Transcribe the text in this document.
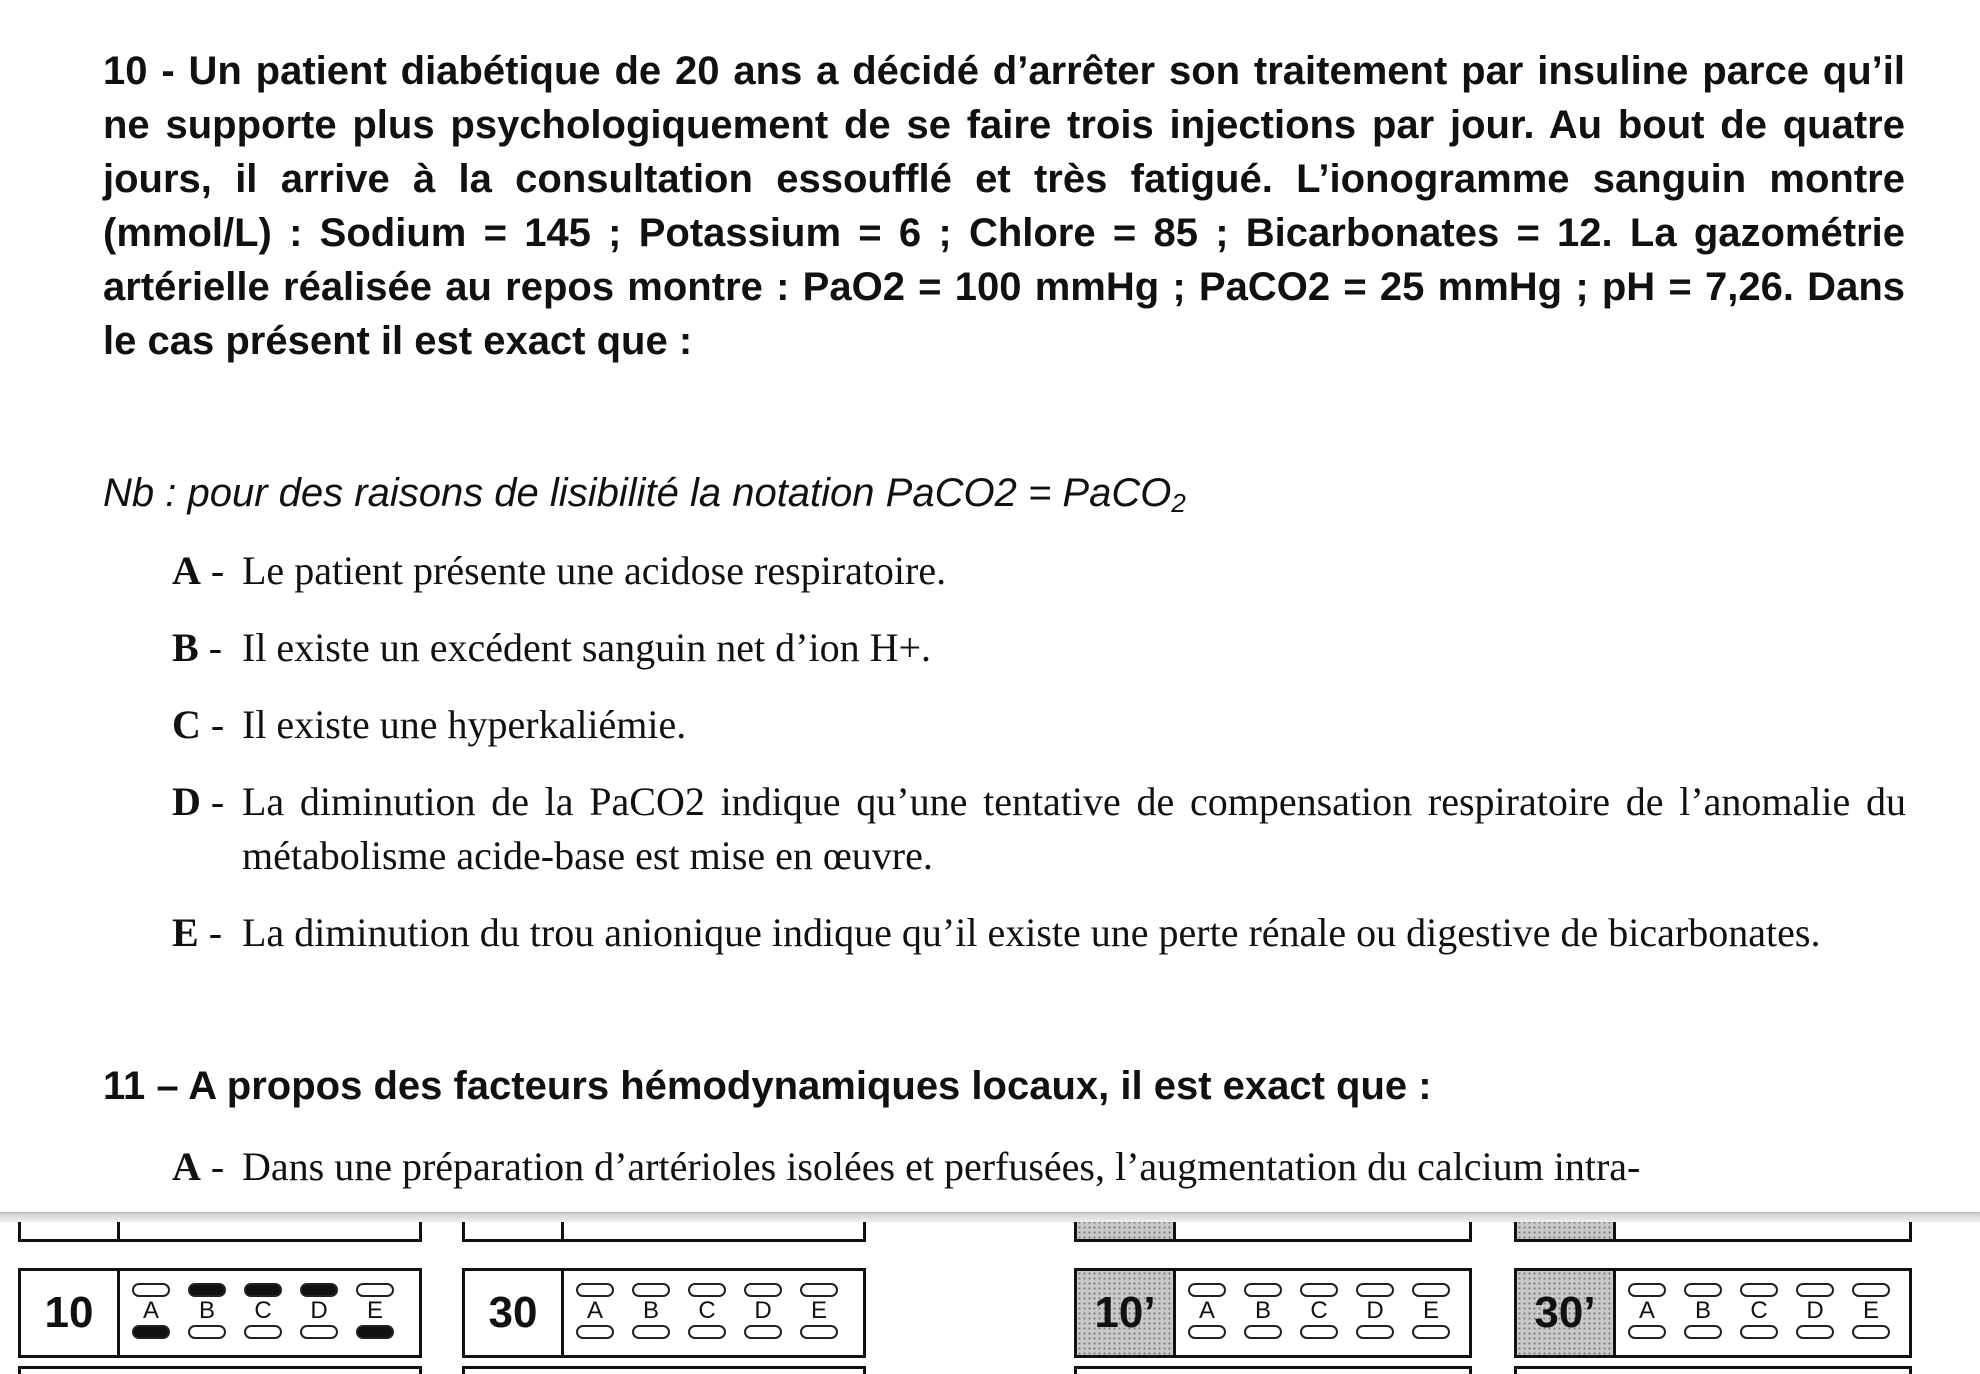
10 - Un patient diabétique de 20 ans a décidé d’arrêter son traitement par insuline parce qu’il ne supporte plus psychologiquement de se faire trois injections par jour. Au bout de quatre jours, il arrive à la consultation essoufflé et très fatigué. L’ionogramme sanguin montre (mmol/L) : Sodium = 145 ; Potassium = 6 ; Chlore = 85 ; Bicarbonates = 12. La gazométrie artérielle réalisée au repos montre : PaO2 = 100 mmHg ; PaCO2 = 25 mmHg ; pH = 7,26. Dans le cas présent il est exact que :
Nb : pour des raisons de lisibilité la notation PaCO2 = PaCO$_2$
A - Le patient présente une acidose respiratoire.
B - Il existe un excédent sanguin net d’ion H+.
C - Il existe une hyperkaliémie.
D - La diminution de la PaCO2 indique qu’une tentative de compensation respiratoire de l’anomalie du métabolisme acide-base est mise en œuvre.
E - La diminution du trou anionique indique qu’il existe une perte rénale ou digestive de bicarbonates.
11 – A propos des facteurs hémodynamiques locaux, il est exact que :
A - Dans une préparation d’artérioles isolées et perfusées, l’augmentation du calcium intra-
10	A B C D E	30	A B C D E	10’	A B C D E	30’	A B C D E
